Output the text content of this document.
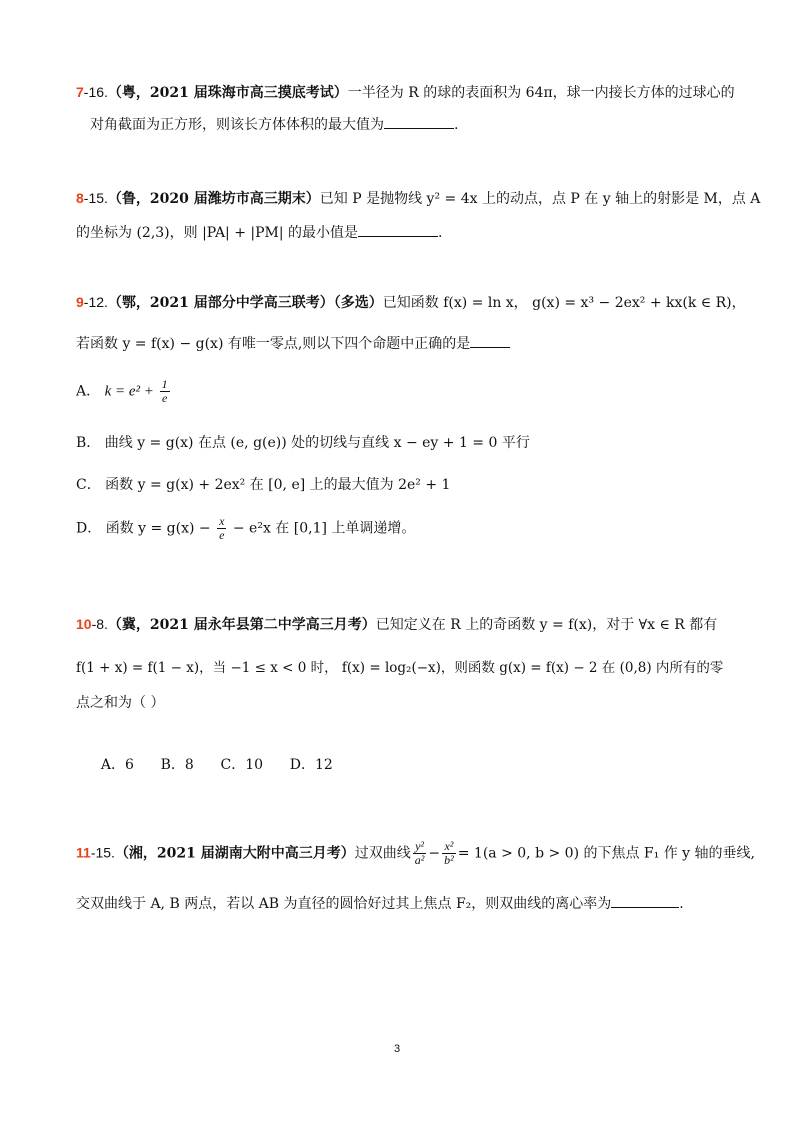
7-16.（粤，2021 届珠海市高三摸底考试）一半径为 R 的球的表面积为 64π，球一内接长方体的过球心的
对角截面为正方形，则该长方体体积的最大值为	.
8-15.（鲁，2020 届潍坊市高三期末）已知 P 是抛物线 y² = 4x 上的动点，点 P 在 y 轴上的射影是 M，点 A
的坐标为 (2,3)，则 |PA| + |PM| 的最小值是	.
9-12.（鄂，2021 届部分中学高三联考）（多选）已知函数 f(x) = ln x， g(x) = x³ − 2ex² + kx(k ∈ R)，
若函数 y = f(x) − g(x) 有唯一零点,则以下四个命题中正确的是
A． $k = e^2 + \frac{1}{e}$
B． 曲线 y = g(x) 在点 (e, g(e)) 处的切线与直线 x − ey + 1 = 0 平行
C． 函数 y = g(x) + 2ex² 在 [0, e] 上的最大值为 2e² + 1
D． 函数 $y = g(x) - \frac{x}{e} - e^2x$ 在 [0,1] 上单调递增。
10-8.（冀，2021 届永年县第二中学高三月考）已知定义在 R 上的奇函数 y = f(x)，对于 ∀x ∈ R 都有
f(1 + x) = f(1 − x)，当 −1 ≤ x < 0 时， f(x) = log₂(−x)，则函数 g(x) = f(x) − 2 在 (0,8) 内所有的零
点之和为（ ）

A．6      B．8      C．10      D．12

11-15.（湘，2021 届湖南大附中高三月考）过双曲线 $\frac{\text{y²}}{\text{a²}} - \frac{\text{x²}}{\text{b²}} = 1(a > 0$, b > 0) 的下焦点 F₁ 作 y 轴的垂线,
交双曲线于 A, B 两点，若以 AB 为直径的圆恰好过其上焦点 F₂，则双曲线的离心率为	.
3
